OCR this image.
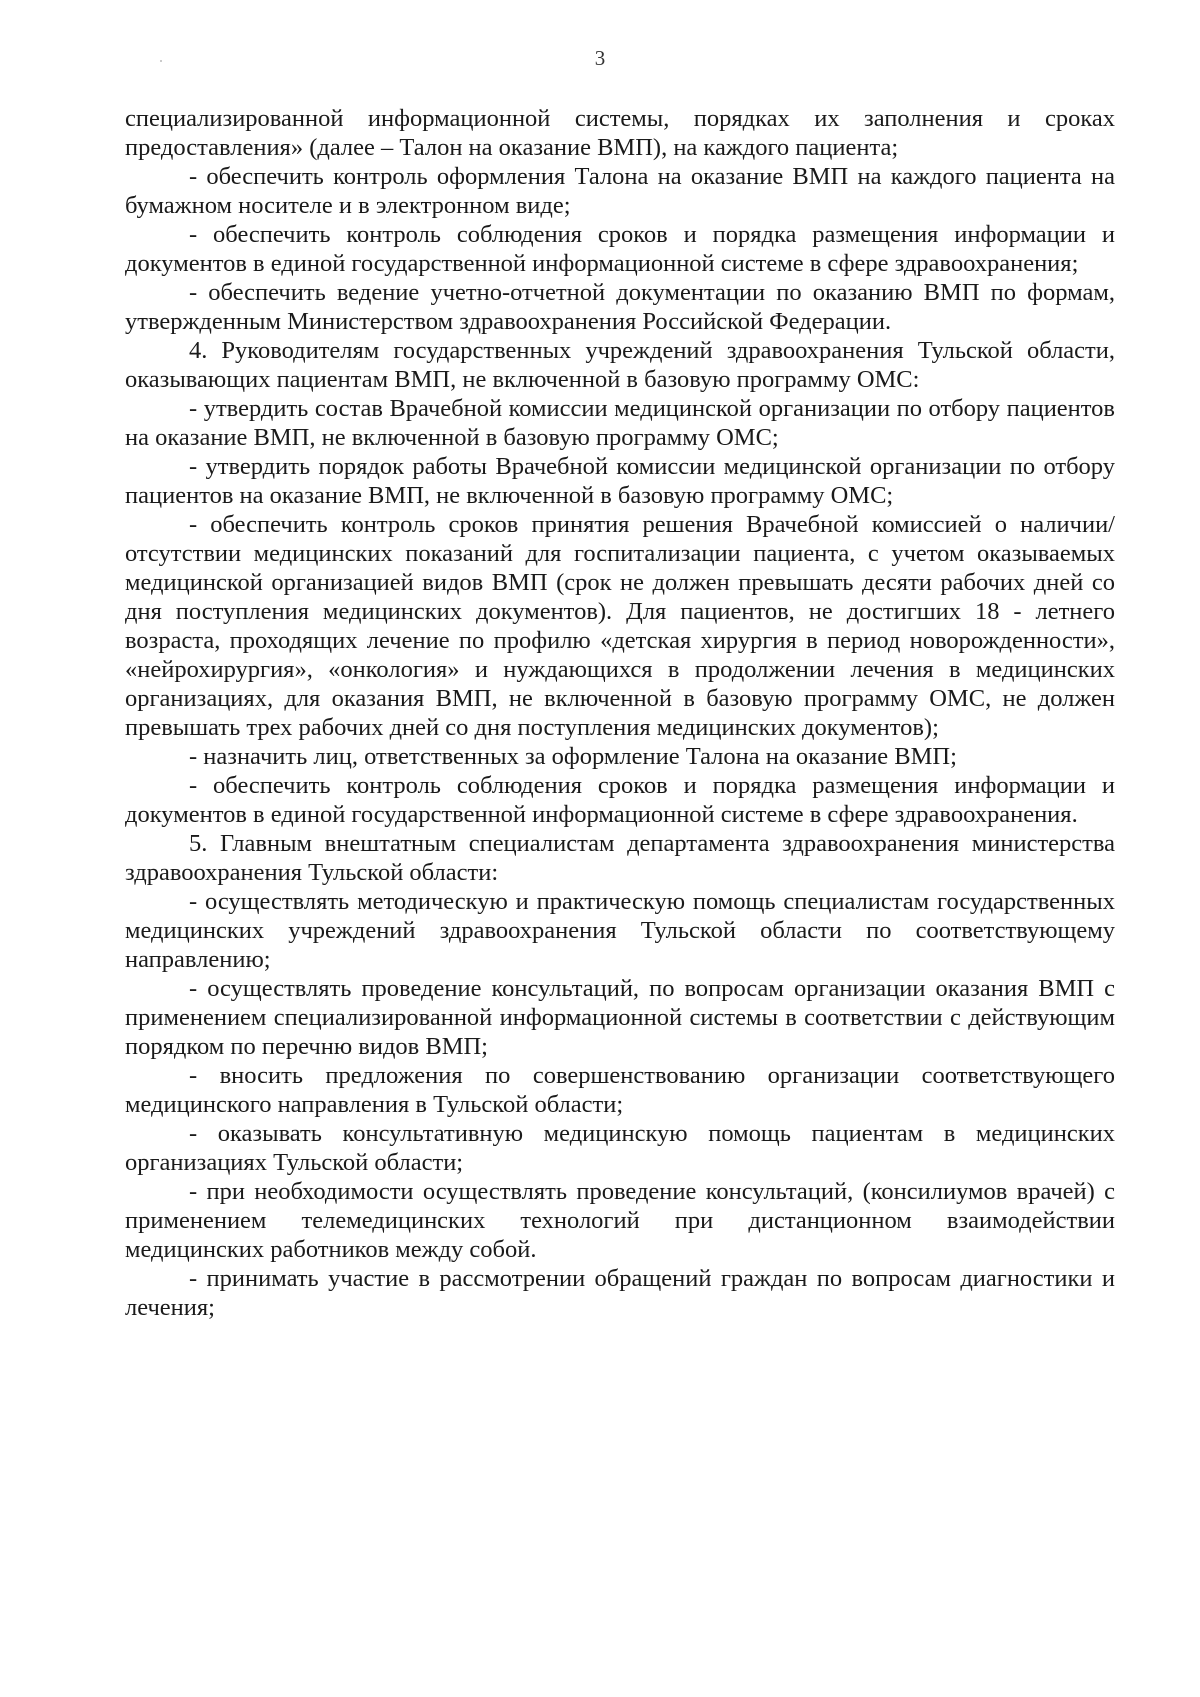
3

специализированной информационной системы, порядках их заполнения и сроках предоставления» (далее – Талон на оказание ВМП), на каждого пациента;

- обеспечить контроль оформления Талона на оказание ВМП на каждого пациента на бумажном носителе и в электронном виде;

- обеспечить контроль соблюдения сроков и порядка размещения информации и документов в единой государственной информационной системе в сфере здравоохранения;

- обеспечить ведение учетно-отчетной документации по оказанию ВМП по формам, утвержденным Министерством здравоохранения Российской Федерации.

4. Руководителям государственных учреждений здравоохранения Тульской области, оказывающих пациентам ВМП, не включенной в базовую программу ОМС:

- утвердить состав Врачебной комиссии медицинской организации по отбору пациентов на оказание ВМП, не включенной в базовую программу ОМС;

- утвердить порядок работы Врачебной комиссии медицинской организации по отбору пациентов на оказание ВМП, не включенной в базовую программу ОМС;

- обеспечить контроль сроков принятия решения Врачебной комиссией о наличии/отсутствии медицинских показаний для госпитализации пациента, с учетом оказываемых медицинской организацией видов ВМП (срок не должен превышать десяти рабочих дней со дня поступления медицинских документов). Для пациентов, не достигших 18 - летнего возраста, проходящих лечение по профилю «детская хирургия в период новорожденности», «нейрохирургия», «онкология» и нуждающихся в продолжении лечения в медицинских организациях, для оказания ВМП, не включенной в базовую программу ОМС, не должен превышать трех рабочих дней со дня поступления медицинских документов);

- назначить лиц, ответственных за оформление Талона на оказание ВМП;

- обеспечить контроль соблюдения сроков и порядка размещения информации и документов в единой государственной информационной системе в сфере здравоохранения.

5. Главным внештатным специалистам департамента здравоохранения министерства здравоохранения Тульской области:

- осуществлять методическую и практическую помощь специалистам государственных медицинских учреждений здравоохранения Тульской области по соответствующему направлению;

- осуществлять проведение консультаций, по вопросам организации оказания ВМП с применением специализированной информационной системы в соответствии с действующим порядком по перечню видов ВМП;

- вносить предложения по совершенствованию организации соответствующего медицинского направления в Тульской области;

- оказывать консультативную медицинскую помощь пациентам в медицинских организациях Тульской области;

- при необходимости осуществлять проведение консультаций, (консилиумов врачей) с применением телемедицинских технологий при дистанционном взаимодействии медицинских работников между собой.

- принимать участие в рассмотрении обращений граждан по вопросам диагностики и лечения;
